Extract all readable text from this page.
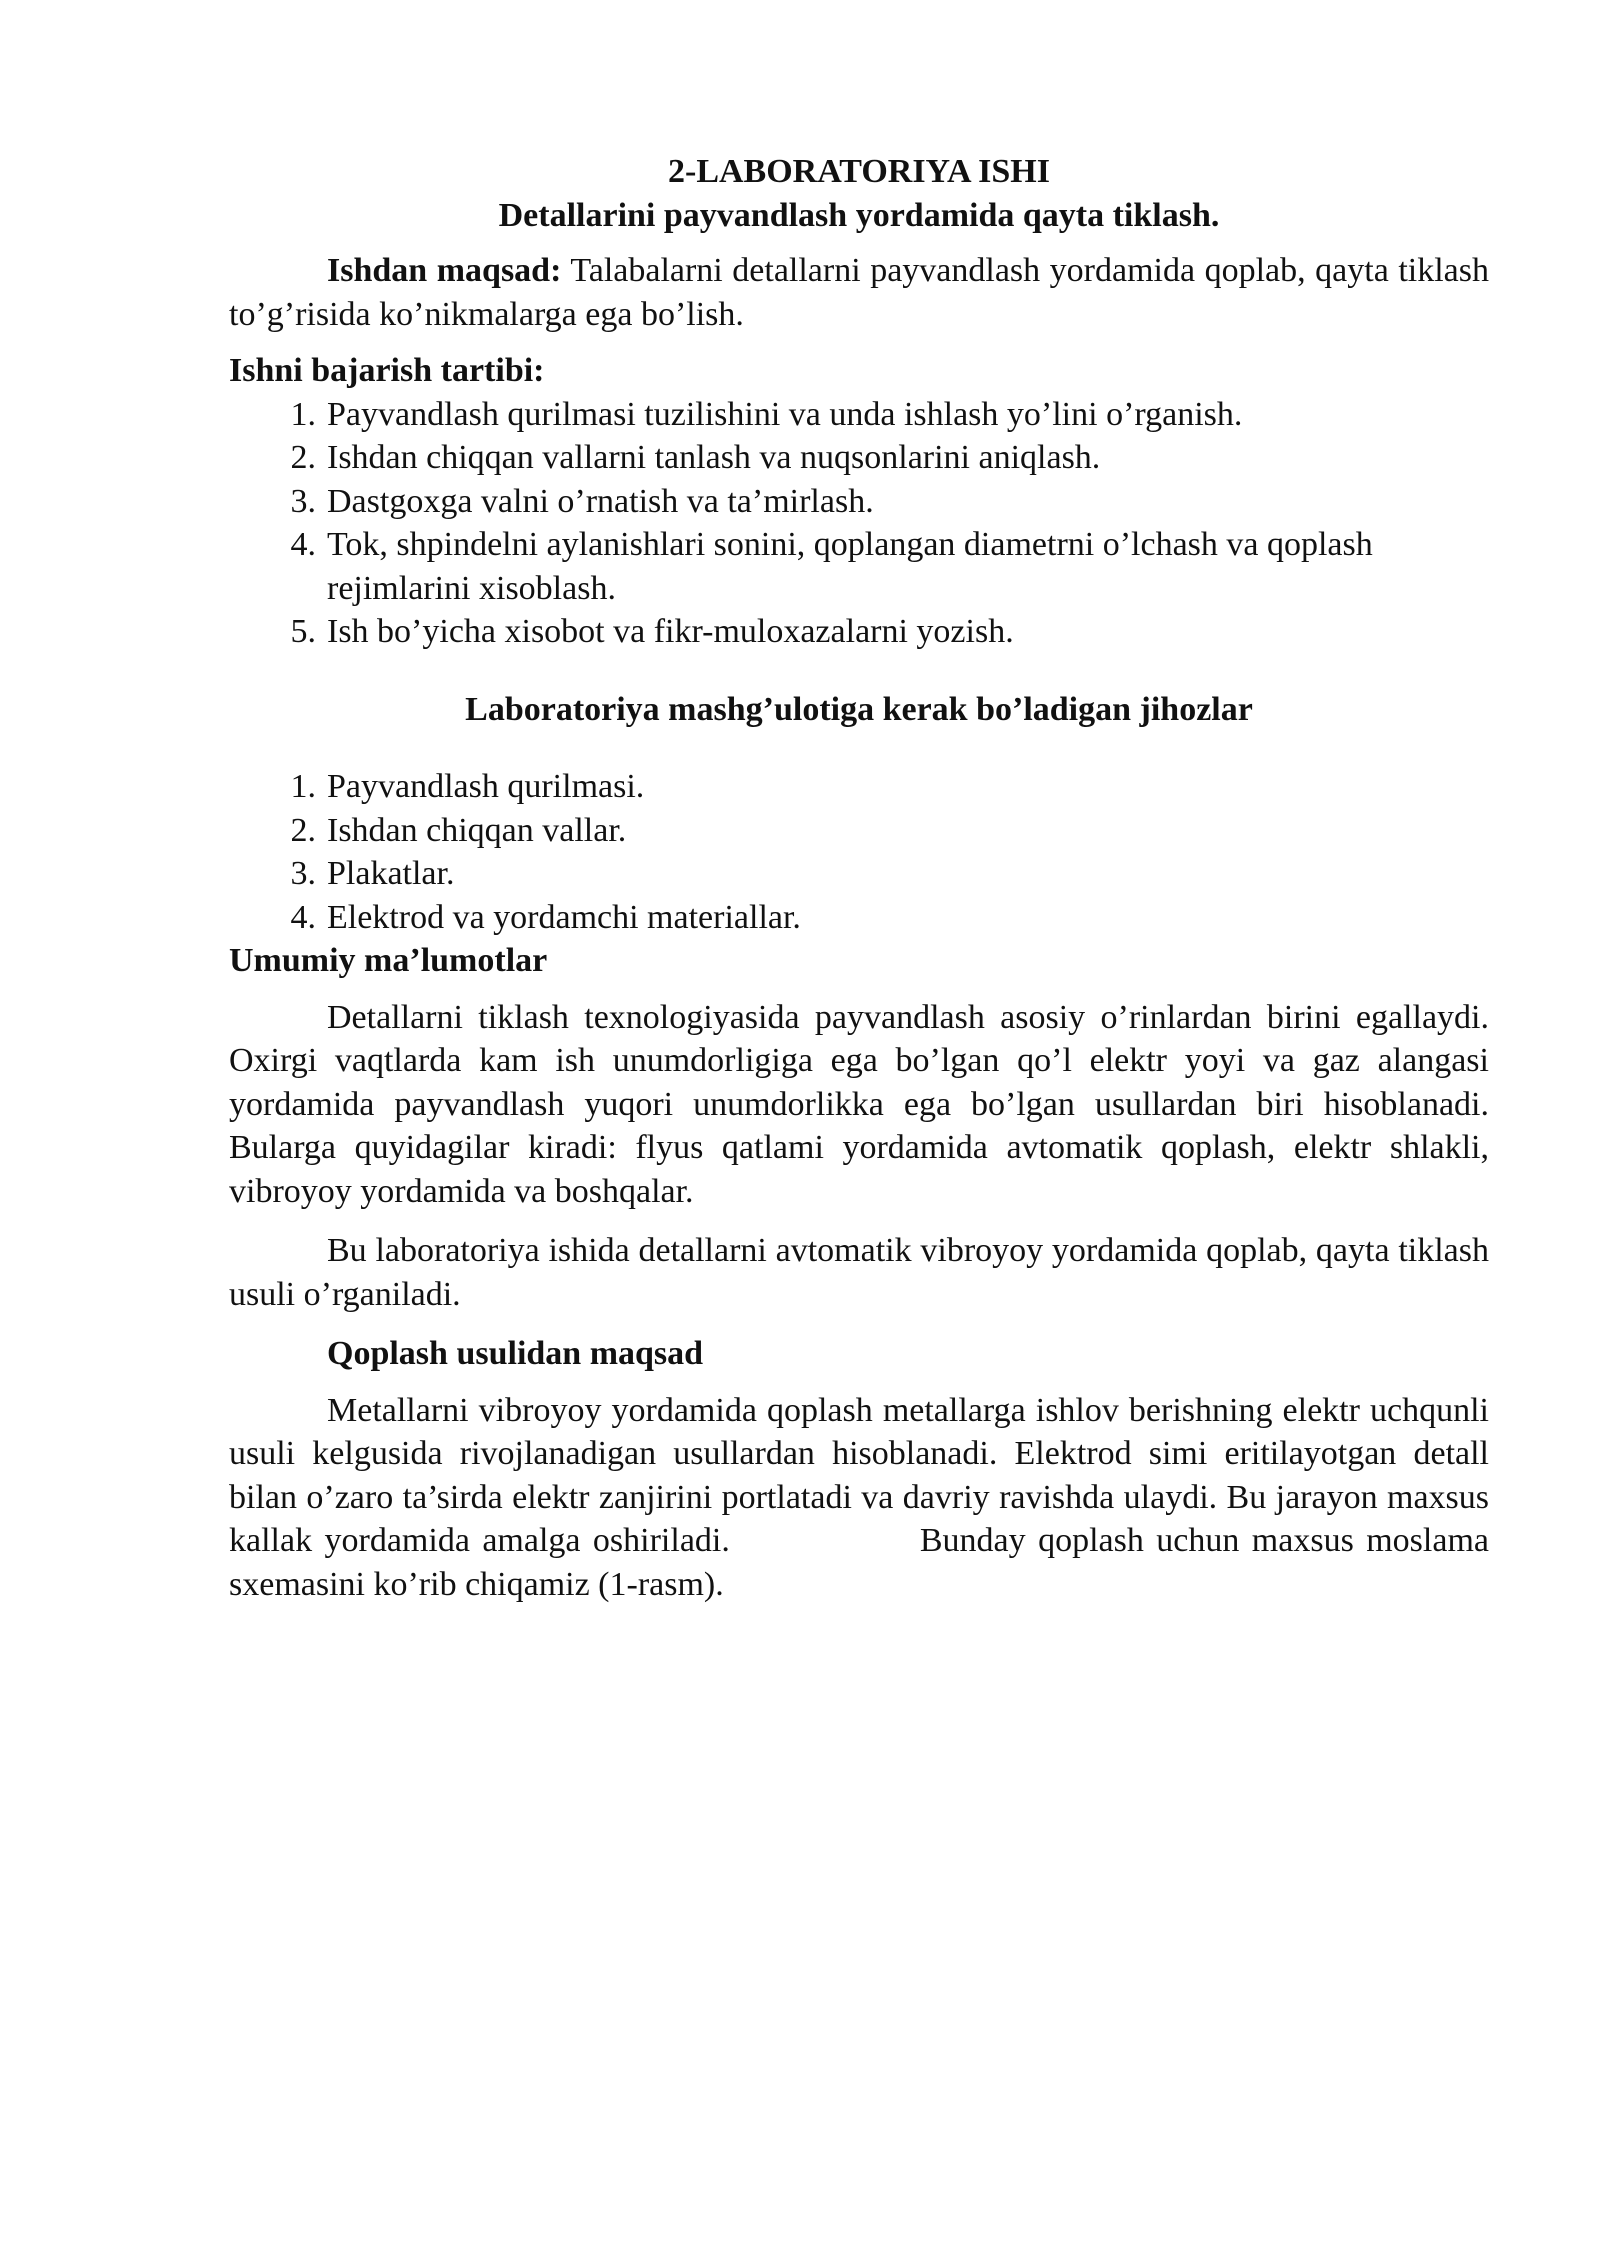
2-LABORATORIYA ISHI

Detallarini payvandlash yordamida qayta tiklash.

Ishdan maqsad: Talabalarni detallarni payvandlash yordamida qoplab, qayta tiklash to’g’risida ko’nikmalarga ega bo’lish.

Ishni bajarish tartibi:

1. Payvandlash qurilmasi tuzilishini va unda ishlash yo’lini o’rganish.
2. Ishdan chiqqan vallarni tanlash va nuqsonlarini aniqlash.
3. Dastgoxga valni o’rnatish va ta’mirlash.
4. Tok, shpindelni aylanishlari sonini, qoplangan diametrni o’lchash va qoplash rejimlarini xisoblash.
5. Ish bo’yicha xisobot va fikr-muloxazalarni yozish.

Laboratoriya mashg’ulotiga kerak bo’ladigan jihozlar

1. Payvandlash qurilmasi.
2. Ishdan chiqqan vallar.
3. Plakatlar.
4. Elektrod va yordamchi materiallar.

Umumiy ma’lumotlar

Detallarni tiklash texnologiyasida payvandlash asosiy o’rinlardan birini egallaydi. Oxirgi vaqtlarda kam ish unumdorligiga ega bo’lgan qo’l elektr yoyi va gaz alangasi yordamida payvandlash yuqori unumdorlikka ega bo’lgan usullardan biri hisoblanadi. Bularga quyidagilar kiradi: flyus qatlami yordamida avtomatik qoplash, elektr shlakli, vibroyoy yordamida va boshqalar.

Bu laboratoriya ishida detallarni avtomatik vibroyoy yordamida qoplab, qayta tiklash usuli o’rganiladi.

Qoplash usulidan maqsad

Metallarni vibroyoy yordamida qoplash metallarga ishlov berishning elektr uchqunli usuli kelgusida rivojlanadigan usullardan hisoblanadi. Elektrod simi eritilayotgan detall bilan o’zaro ta’sirda elektr zanjirini portlatadi va davriy ravishda ulaydi. Bu jarayon maxsus kallak yordamida amalga oshiriladi.	Bunday qoplash uchun maxsus moslama sxemasini ko’rib chiqamiz (1-rasm).
